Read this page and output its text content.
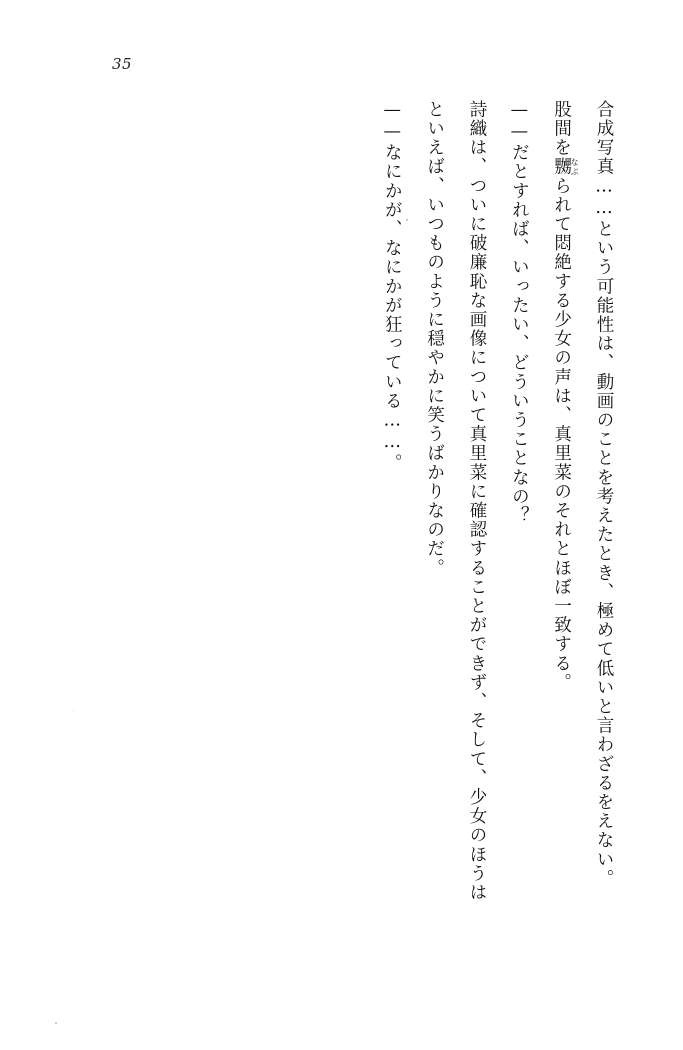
35

合成写真……という可能性は、動画のことを考えたとき、極めて低いと言わざるをえない。

股間を嬲なぶられて悶絶する少女の声は、真里菜のそれとほぼ一致する。

——だとすれば、いったい、どういうことなの？

詩織は、ついに破廉恥な画像について真里菜に確認することができず、そして、少女のほうはといえば、いつものように穏やかに笑うばかりなのだ。

——なにかが、なにかが狂っている……。
